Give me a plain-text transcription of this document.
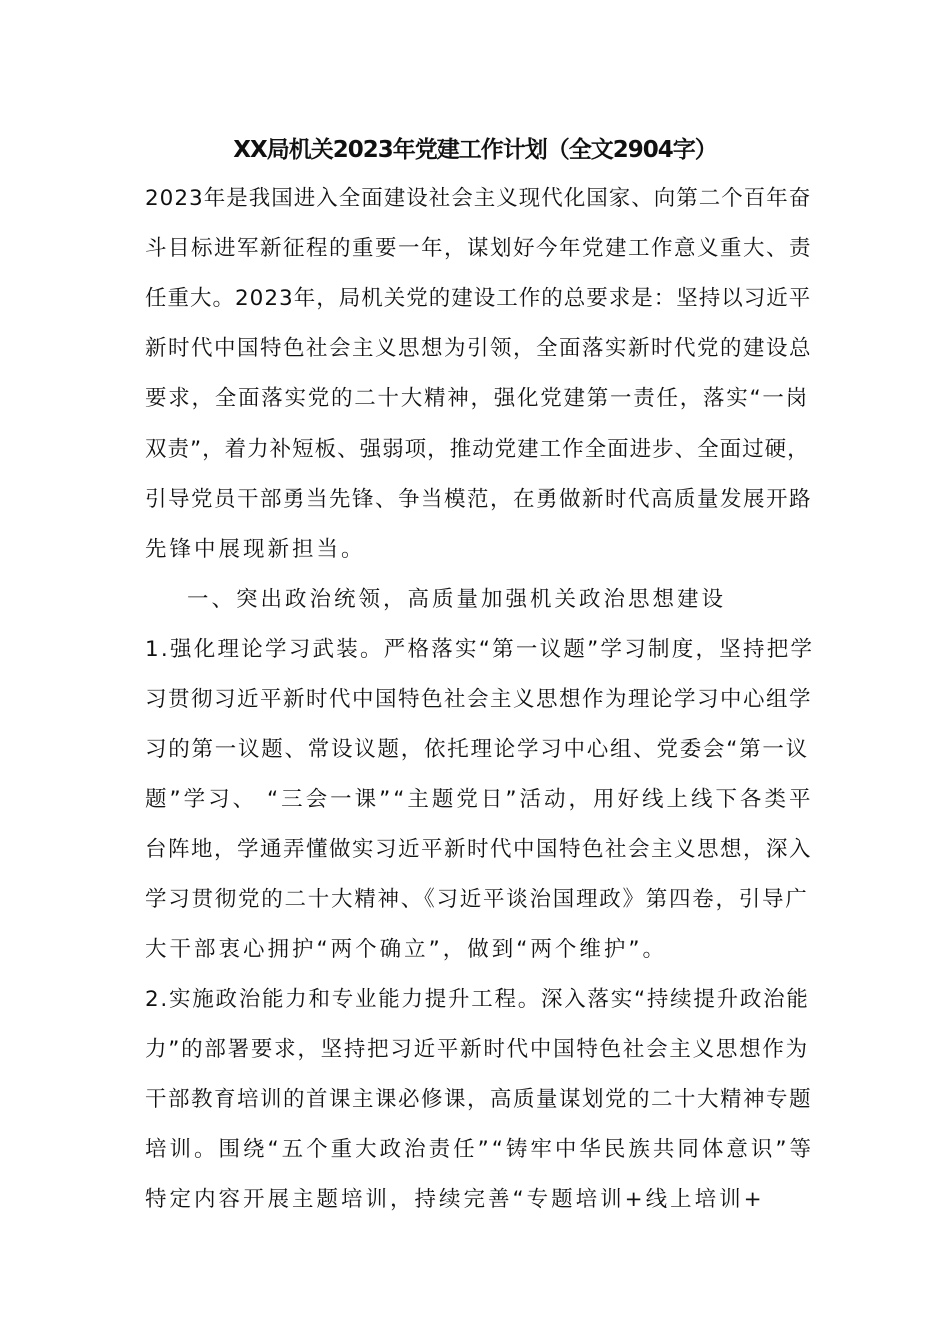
XX局机关2023年党建工作计划（全文2904字）
2023年是我国进入全面建设社会主义现代化国家、向第二个百年奋
斗目标进军新征程的重要一年，谋划好今年党建工作意义重大、责
任重大。2023年，局机关党的建设工作的总要求是：坚持以习近平
新时代中国特色社会主义思想为引领，全面落实新时代党的建设总
要求，全面落实党的二十大精神，强化党建第一责任，落实“一岗
双责”，着力补短板、强弱项，推动党建工作全面进步、全面过硬，
引导党员干部勇当先锋、争当模范，在勇做新时代高质量发展开路
先锋中展现新担当。
一、突出政治统领，高质量加强机关政治思想建设
1.强化理论学习武装。严格落实“第一议题”学习制度，坚持把学
习贯彻习近平新时代中国特色社会主义思想作为理论学习中心组学
习的第一议题、常设议题，依托理论学习中心组、党委会“第一议
题”学习、 “三会一课”“主题党日”活动，用好线上线下各类平
台阵地，学通弄懂做实习近平新时代中国特色社会主义思想，深入
学习贯彻党的二十大精神、《习近平谈治国理政》第四卷，引导广
大干部衷心拥护“两个确立”，做到“两个维护”。
2.实施政治能力和专业能力提升工程。深入落实“持续提升政治能
力”的部署要求，坚持把习近平新时代中国特色社会主义思想作为
干部教育培训的首课主课必修课，高质量谋划党的二十大精神专题
培训。围绕“五个重大政治责任”“铸牢中华民族共同体意识”等
特定内容开展主题培训，持续完善“专题培训+线上培训+
